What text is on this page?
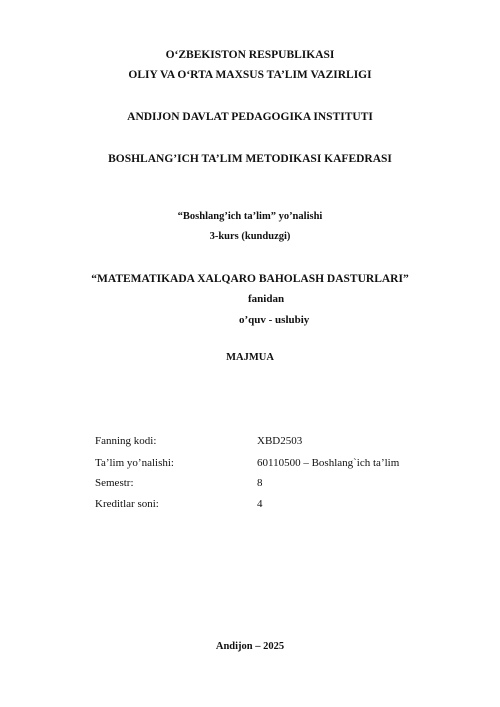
O‘ZBEKISTON RESPUBLIKASI
OLIY VA O‘RTA MAXSUS TA’LIM VAZIRLIGI
ANDIJON DAVLAT PEDAGOGIKA INSTITUTI
BOSHLANG’ICH TA’LIM METODIKASI KAFEDRASI
“Boshlang’ich ta’lim” yo’nalishi
3-kurs (kunduzgi)
“MATEMATIKADA XALQARO BAHOLASH DASTURLARI”
fanidan
o’quv - uslubiy
MAJMUA
Fanning kodi:	XBD2503
Ta’lim yo’nalishi:	60110500 – Boshlang`ich ta’lim
Semestr:	8
Kreditlar soni:	4
Andijon – 2025
